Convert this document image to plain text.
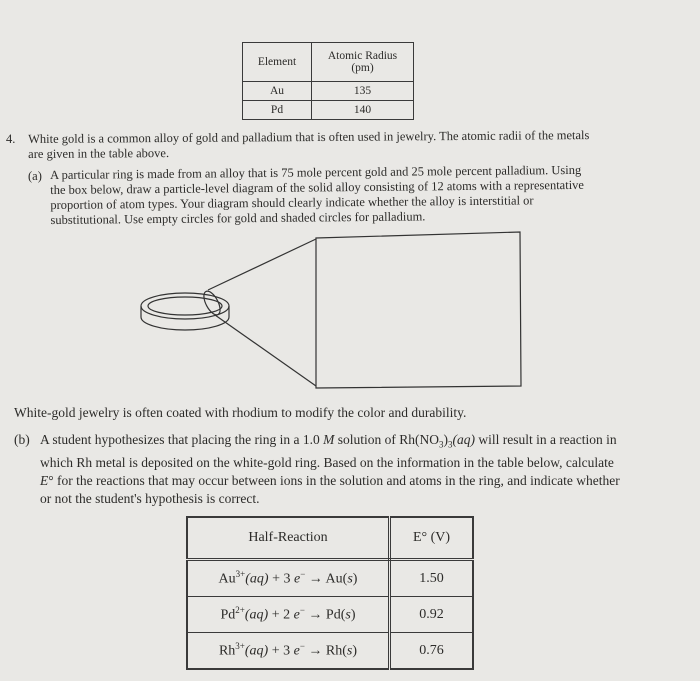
Element	Atomic Radius
(pm)

Au	135
Pd	140
4. White gold is a common alloy of gold and palladium that is often used in jewelry. The atomic radii of the metals
are given in the table above.
(a) A particular ring is made from an alloy that is 75 mole percent gold and 25 mole percent palladium. Using
the box below, draw a particle-level diagram of the solid alloy consisting of 12 atoms with a representative
proportion of atom types. Your diagram should clearly indicate whether the alloy is interstitial or
substitutional. Use empty circles for gold and shaded circles for palladium.
White-gold jewelry is often coated with rhodium to modify the color and durability.
(b) A student hypothesizes that placing the ring in a 1.0 M solution of $Rh(NO_3)_3(aq)$ will result in a reaction in
which Rh metal is deposited on the white-gold ring. Based on the information in the table below, calculate
E° for the reactions that may occur between ions in the solution and atoms in the ring, and indicate whether
or not the student's hypothesis is correct.
Half-Reaction	E° (V)
$Au^{3+}(aq) + 3$ e− → Au(s)	1.50
$Pd^{2+}(aq) + 2$ e− → Pd(s)	0.92
$Rh^{3+}(aq) + 3$ e− → Rh(s)	0.76
